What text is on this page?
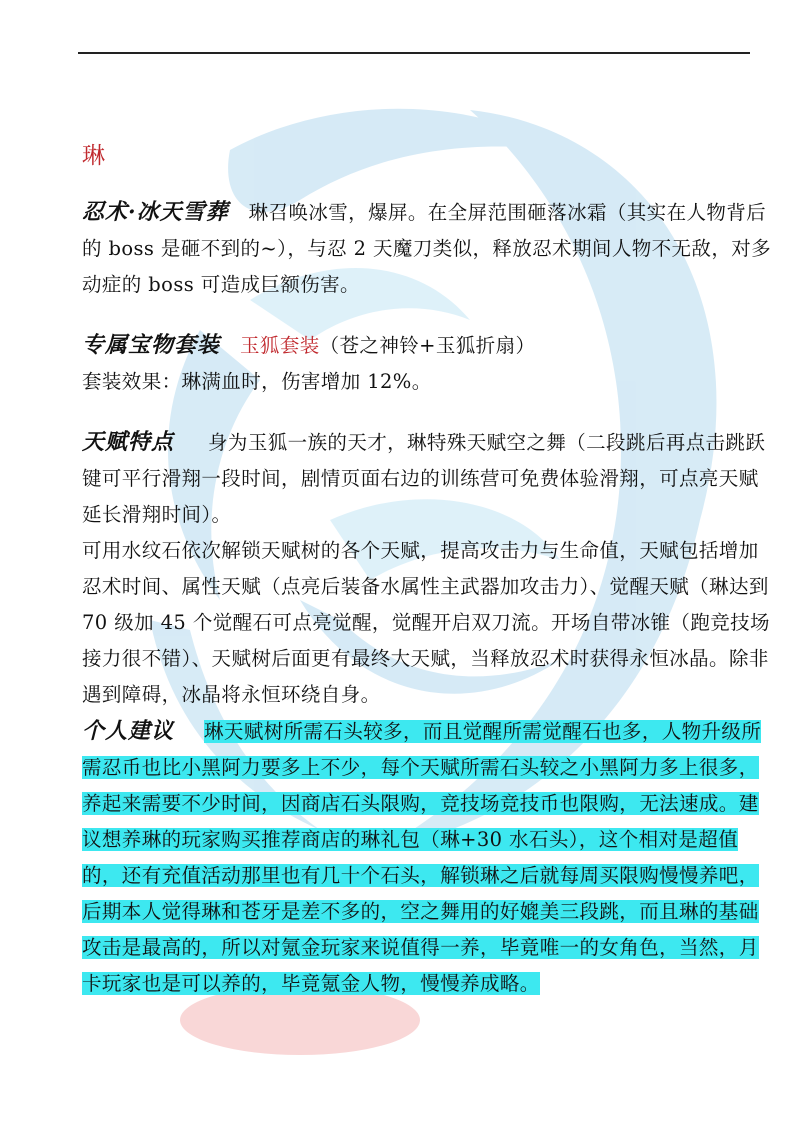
琳

忍术·冰天雪葬 琳召唤冰雪，爆屏。在全屏范围砸落冰霜（其实在人物背后的 boss 是砸不到的~），与忍 2 天魔刀类似，释放忍术期间人物不无敌，对多动症的 boss 可造成巨额伤害。

专属宝物套装 玉狐套装（苍之神铃+玉狐折扇）

套装效果：琳满血时，伤害增加 12%。

天赋特点 身为玉狐一族的天才，琳特殊天赋空之舞（二段跳后再点击跳跃键可平行滑翔一段时间，剧情页面右边的训练营可免费体验滑翔，可点亮天赋延长滑翔时间）。

可用水纹石依次解锁天赋树的各个天赋，提高攻击力与生命值，天赋包括增加忍术时间、属性天赋（点亮后装备水属性主武器加攻击力）、觉醒天赋（琳达到 70 级加 45 个觉醒石可点亮觉醒，觉醒开启双刀流。开场自带冰锥（跑竞技场接力很不错）、天赋树后面更有最终大天赋，当释放忍术时获得永恒冰晶。除非遇到障碍，冰晶将永恒环绕自身。

个人建议 琳天赋树所需石头较多，而且觉醒所需觉醒石也多，人物升级所需忍币也比小黑阿力要多上不少，每个天赋所需石头较之小黑阿力多上很多，养起来需要不少时间，因商店石头限购，竞技场竞技币也限购，无法速成。建议想养琳的玩家购买推荐商店的琳礼包（琳+30 水石头），这个相对是超值的，还有充值活动那里也有几十个石头，解锁琳之后就每周买限购慢慢养吧，后期本人觉得琳和苍牙是差不多的，空之舞用的好媲美三段跳，而且琳的基础攻击是最高的，所以对氪金玩家来说值得一养，毕竟唯一的女角色，当然，月卡玩家也是可以养的，毕竟氪金人物，慢慢养成略。
